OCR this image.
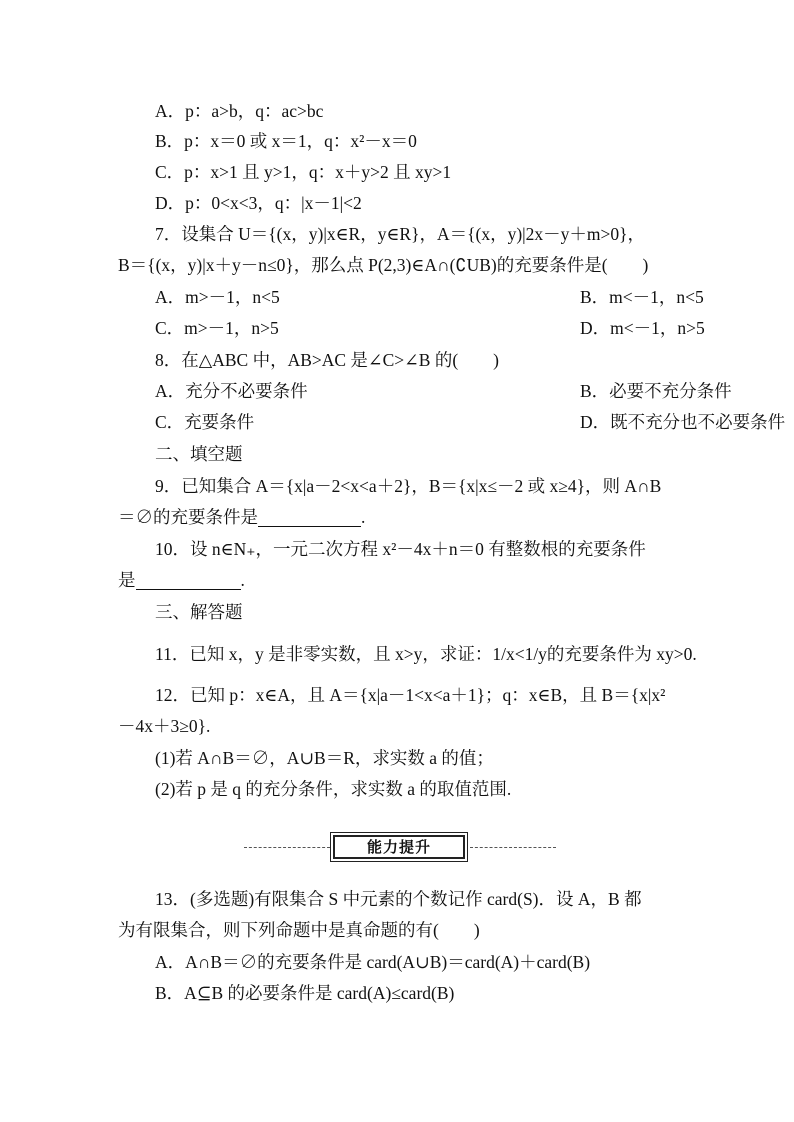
A．p：a>b，q：ac>bc
B．p：x＝0 或 x＝1，q：x²－x＝0
C．p：x>1 且 y>1，q：x＋y>2 且 xy>1
D．p：0<x<3，q：|x－1|<2
7．设集合 U＝{(x，y)|x∈R，y∈R}，A＝{(x，y)|2x－y＋m>0}，
B＝{(x，y)|x＋y－n≤0}，那么点 P(2,3)∈A∩(∁UB)的充要条件是(　　)
A．m>－1，n<5	B．m<－1，n<5
C．m>－1，n>5	D．m<－1，n>5
8．在△ABC 中，AB>AC 是∠C>∠B 的(　　)
A．充分不必要条件	B．必要不充分条件
C．充要条件	D．既不充分也不必要条件
二、填空题
9．已知集合 A＝{x|a－2<x<a＋2}，B＝{x|x≤－2 或 x≥4}，则 A∩B
＝∅的充要条件是	.
10．设 n∈N₊，一元二次方程 x²－4x＋n＝0 有整数根的充要条件
是	.
三、解答题
11．已知 x，y 是非零实数，且 x>y，求证：1/x<1/y的充要条件为 xy>0.
12．已知 p：x∈A，且 A＝{x|a－1<x<a＋1}；q：x∈B，且 B＝{x|x²
－4x＋3≥0}.
(1)若 A∩B＝∅，A∪B＝R，求实数 a 的值；
(2)若 p 是 q 的充分条件，求实数 a 的取值范围.
能力提升
13．(多选题)有限集合 S 中元素的个数记作 card(S)．设 A，B 都
为有限集合，则下列命题中是真命题的有(　　)
A．A∩B＝∅的充要条件是 card(A∪B)＝card(A)＋card(B)
B．A⊆B 的必要条件是 card(A)≤card(B)
